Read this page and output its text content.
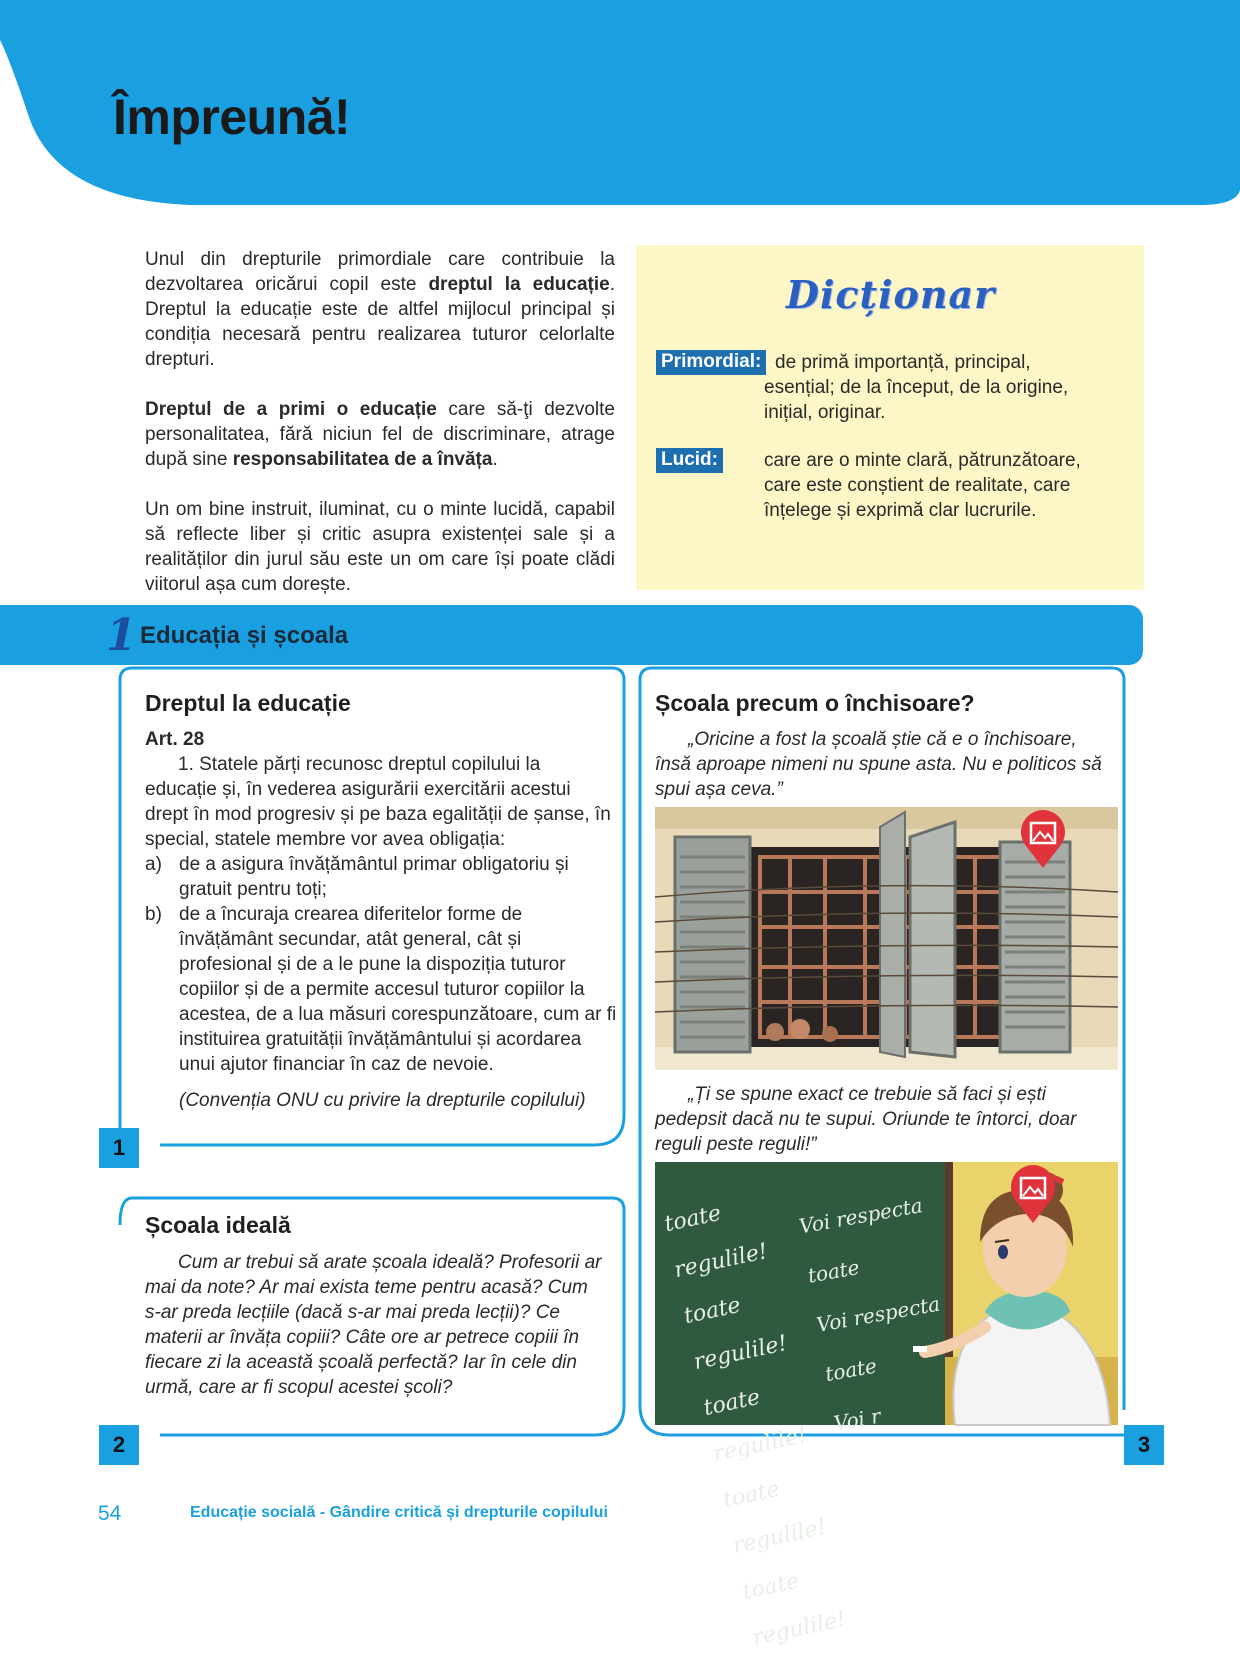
Împreună!
Unul din drepturile primordiale care contribuie la dezvoltarea oricărui copil este dreptul la educație. Dreptul la educație este de altfel mijlocul principal și condiția necesară pentru realizarea tuturor celorlalte drepturi.
Dreptul de a primi o educație care să-ţi dezvolte personalitatea, fără niciun fel de discriminare, atrage după sine responsabilitatea de a învăța.
Un om bine instruit, iluminat, cu o minte lucidă, capabil să reflecte liber și critic asupra existenței sale și a realităților din jurul său este un om care își poate clădi viitorul așa cum dorește.
Dicționar
Primordial: de primă importanță, principal,
esențial; de la început, de la origine,
inițial, originar.
Lucid: care are o minte clară, pătrunzătoare,
care este conștient de realitate, care
înțelege și exprimă clar lucrurile.
1 Educația și școala
Dreptul la educație
Art. 28
1. Statele părți recunosc dreptul copilului la educație și, în vederea asigurării exercitării acestui drept în mod progresiv și pe baza egalității de șanse, în special, statele membre vor avea obligația:
a) de a asigura învățământul primar obligatoriu și gratuit pentru toți;
b) de a încuraja crearea diferitelor forme de învățământ secundar, atât general, cât și profesional și de a le pune la dispoziția tuturor copiilor și de a permite accesul tuturor copiilor la acestea, de a lua măsuri corespunzătoare, cum ar fi instituirea gratuității învățământului și acordarea unui ajutor financiar în caz de nevoie.
(Convenția ONU cu privire la drepturile copilului)
1
Școala ideală
Cum ar trebui să arate școala ideală? Profesorii ar mai da note? Ar mai exista teme pentru acasă? Cum s-ar preda lecțiile (dacă s-ar mai preda lecții)? Ce materii ar învăța copiii? Câte ore ar petrece copiii în fiecare zi la această școală perfectă? Iar în cele din urmă, care ar fi scopul acestei școli?
2
Școala precum o închisoare?
„Oricine a fost la școală știe că e o închisoare, însă aproape nimeni nu spune asta. Nu e politicos să spui așa ceva.”
„Ți se spune exact ce trebuie să faci și ești pedepsit dacă nu te supui. Oriunde te întorci, doar reguli peste reguli!”
toate regulile!
toate regulile!
toate regulile!
toate regulile!
toate regulile!
Voi respecta toate
Voi respecta toate
Voi r
3
54	Educație socială - Gândire critică și drepturile copilului
